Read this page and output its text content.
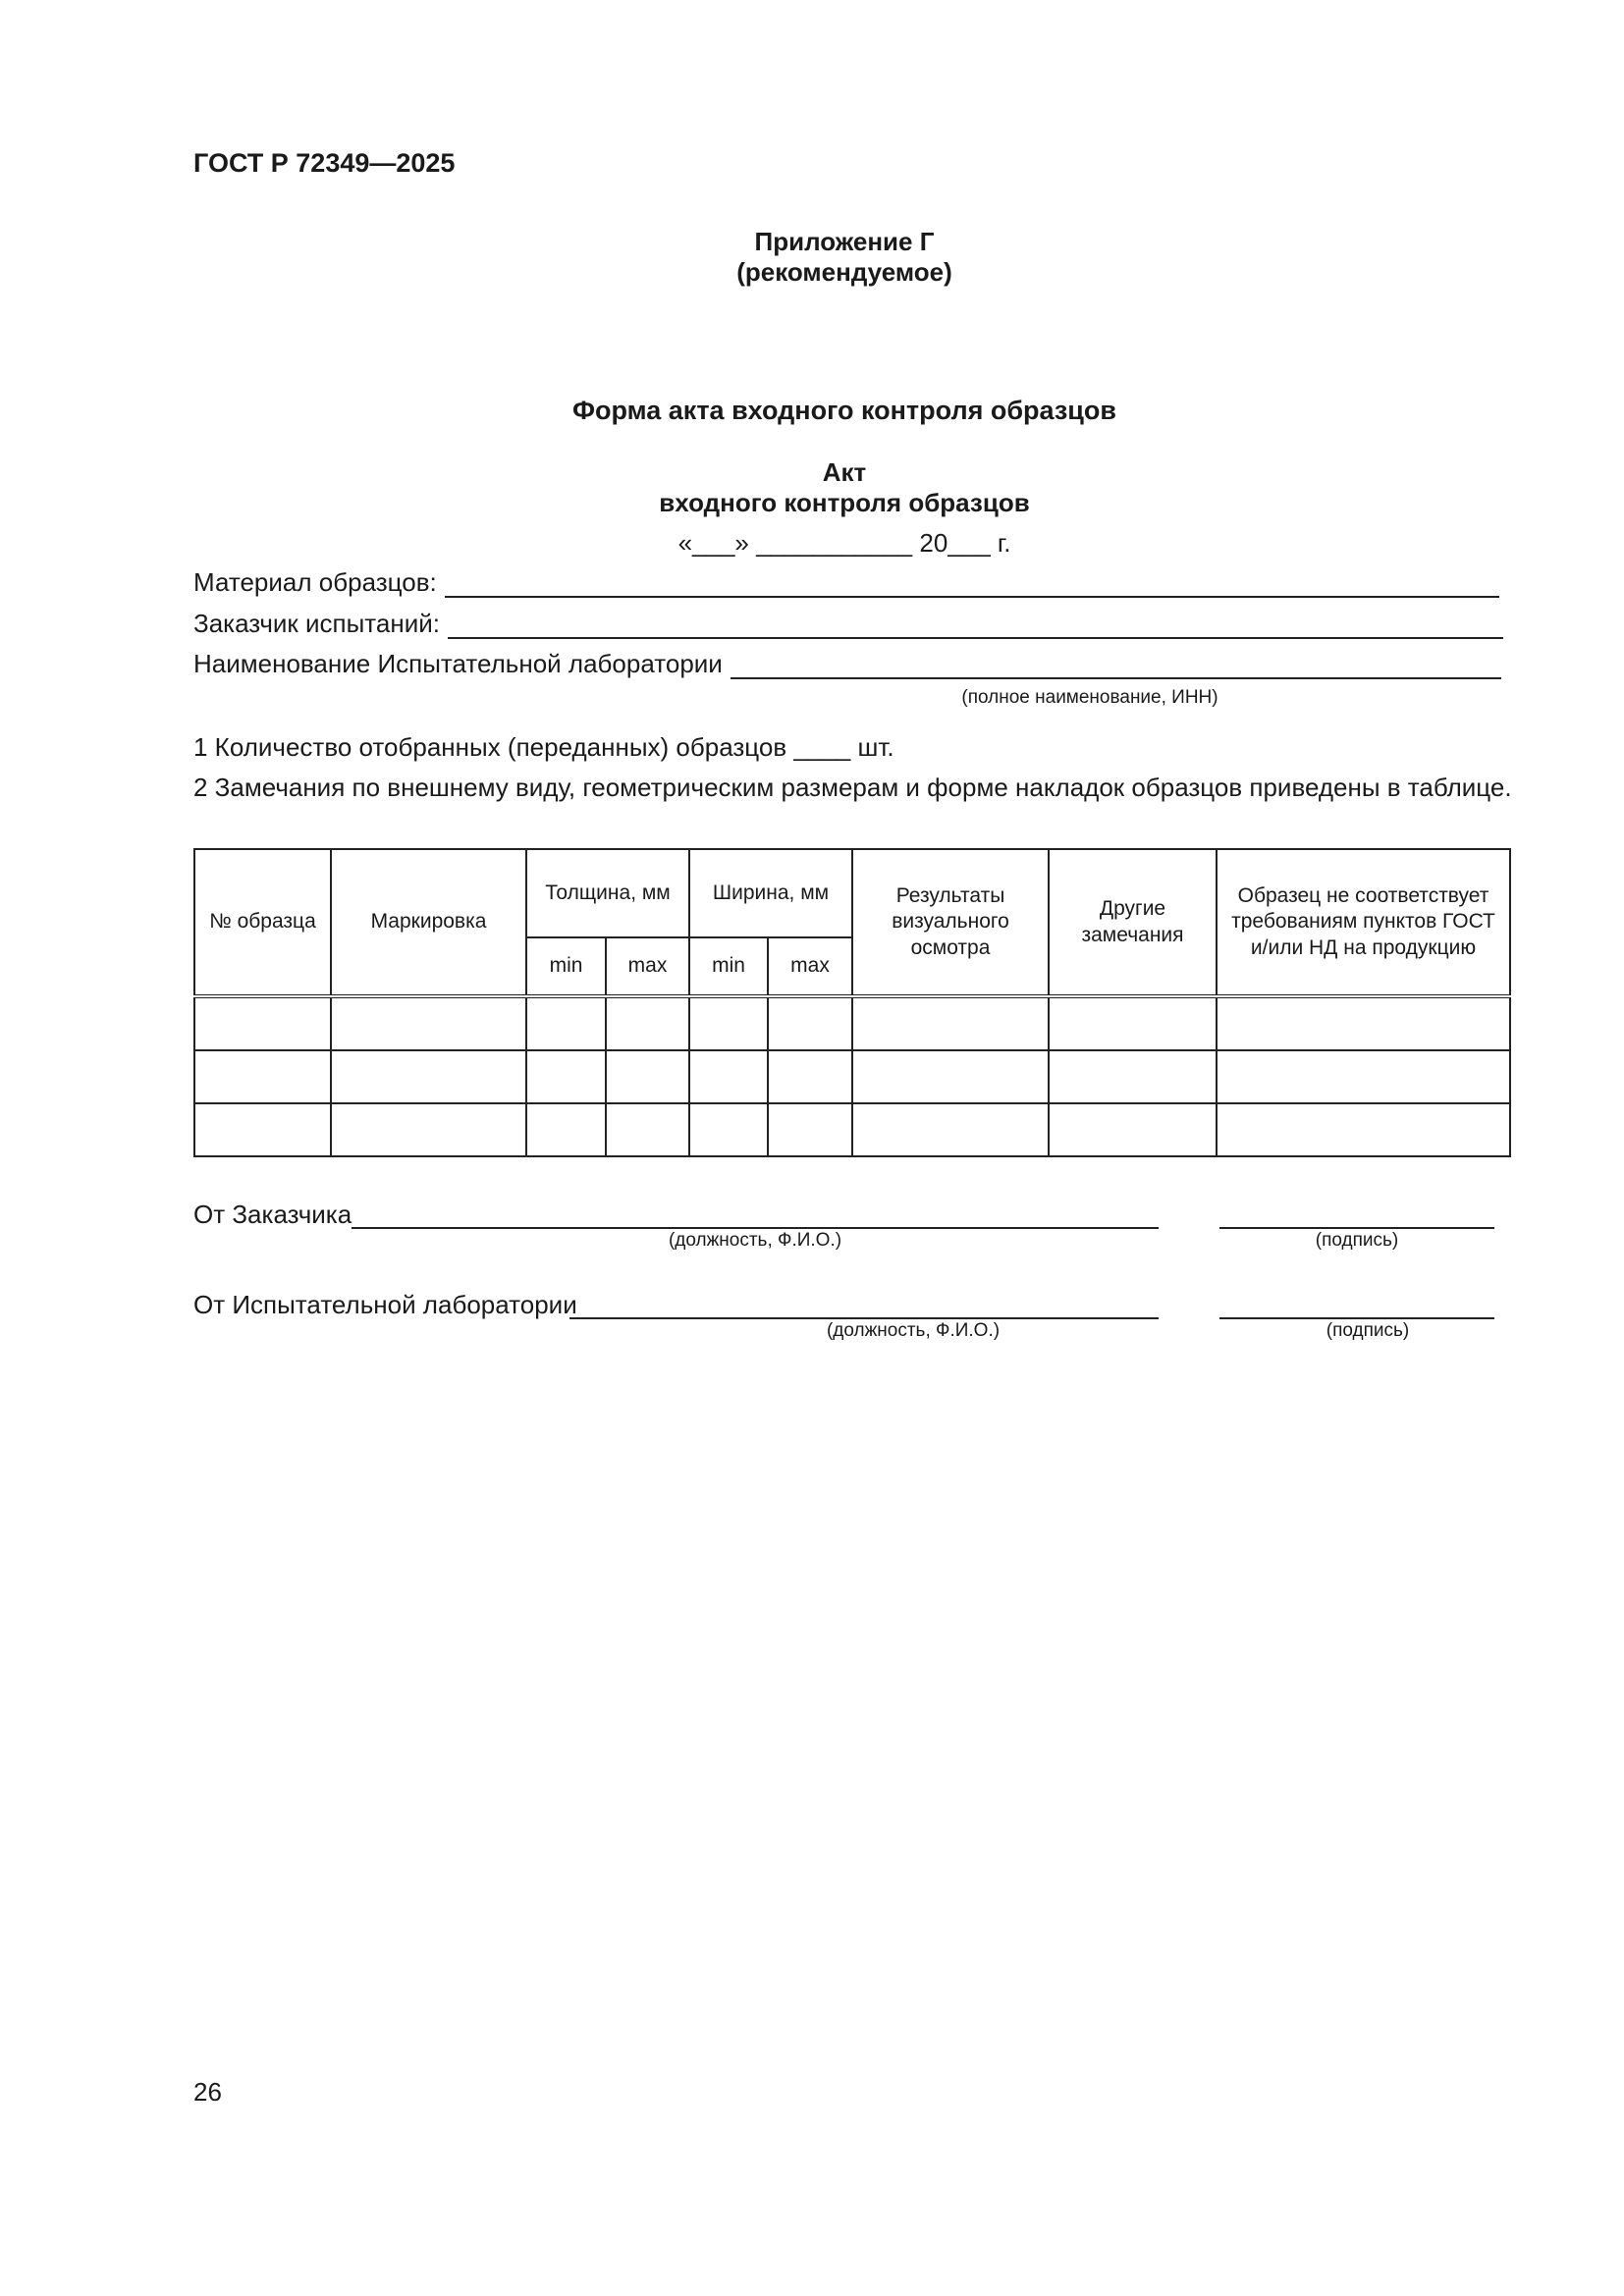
ГОСТ Р 72349—2025
Приложение Г
(рекомендуемое)
Форма акта входного контроля образцов
Акт
входного контроля образцов
«___» ___________ 20___ г.
Материал образцов:
Заказчик испытаний:
Наименование Испытательной лаборатории
(полное наименование, ИНН)
1 Количество отобранных (переданных) образцов ____ шт.
2 Замечания по внешнему виду, геометрическим размерам и форме накладок образцов приведены в таблице.
№ образца	Маркировка	Толщина, мм		Ширина, мм		Результаты визуального осмотра	Другие замечания	Образец не соответствует требованиям пунктов ГОСТ и/или НД на продукцию
		min	max	min	max			

От Заказчика
(должность, Ф.И.О.)	(подпись)
От Испытательной лаборатории
(должность, Ф.И.О.)	(подпись)
26
